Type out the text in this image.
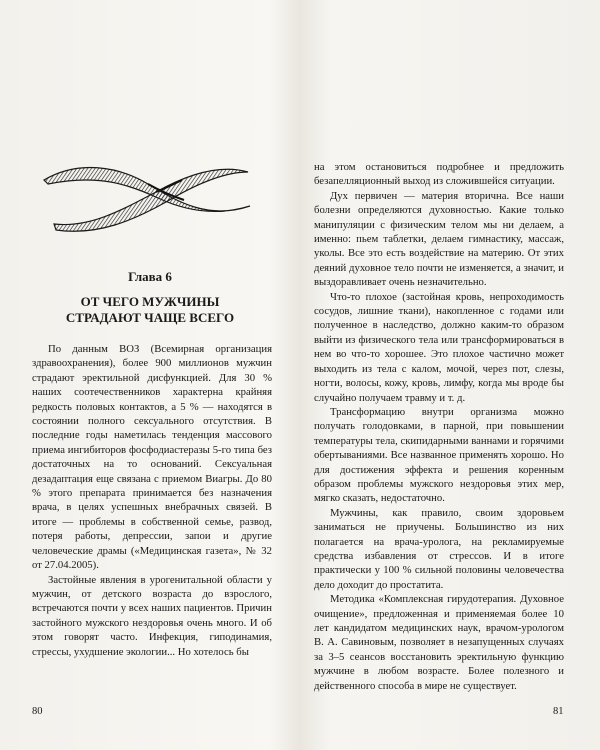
Глава 6
ОТ ЧЕГО МУЖЧИНЫ
СТРАДАЮТ ЧАЩЕ ВСЕГО

По данным ВОЗ (Всемирная организация здравоохранения), более 900 миллионов мужчин страдают эректильной дисфункцией. Для 30 % наших соотечественников характерна крайняя редкость половых контактов, а 5 % — находятся в состоянии полного сексуального отсутствия. В последние годы наметилась тенденция массового приема ингибиторов фосфодиастеразы 5-го типа без достаточных на то оснований. Сексуальная дезадаптация еще связана с приемом Виагры. До 80 % этого препарата принимается без назначения врача, в целях успешных внебрачных связей. В итоге — проблемы в собственной семье, развод, потеря работы, депрессии, запои и другие человеческие драмы («Медицинская газета», № 32 от 27.04.2005).

Застойные явления в урогенитальной области у мужчин, от детского возраста до взрослого, встречаются почти у всех наших пациентов. Причин застойного мужского нездоровья очень много. И об этом говорят часто. Инфекция, гиподинамия, стрессы, ухудшение экологии... Но хотелось бы

80

на этом остановиться подробнее и предложить безапелляционный выход из сложившейся ситуации.

Дух первичен — материя вторична. Все наши болезни определяются духовностью. Какие только манипуляции с физическим телом мы ни делаем, а именно: пьем таблетки, делаем гимнастику, массаж, уколы. Все это есть воздействие на материю. От этих деяний духовное тело почти не изменяется, а значит, и выздоравливает очень незначительно.

Что-то плохое (застойная кровь, непроходимость сосудов, лишние ткани), накопленное с годами или полученное в наследство, должно каким-то образом выйти из физического тела или трансформироваться в нем во что-то хорошее. Это плохое частично может выходить из тела с калом, мочой, через пот, слезы, ногти, волосы, кожу, кровь, лимфу, когда мы вроде бы случайно получаем травму и т. д.

Трансформацию внутри организма можно получать голодовками, в парной, при повышении температуры тела, скипидарными ваннами и горячими обертываниями. Все названное применять хорошо. Но для достижения эффекта и решения коренным образом проблемы мужского нездоровья этих мер, мягко сказать, недостаточно.

Мужчины, как правило, своим здоровьем заниматься не приучены. Большинство из них полагается на врача-уролога, на рекламируемые средства избавления от стрессов. И в итоге практически у 100 % сильной половины человечества дело доходит до простатита.

Методика «Комплексная гирудотерапия. Духовное очищение», предложенная и применяемая более 10 лет кандидатом медицинских наук, врачом-урологом В. А. Савиновым, позволяет в незапущенных случаях за 3–5 сеансов восстановить эректильную функцию мужчине в любом возрасте. Более полезного и действенного способа в мире не существует.

81
